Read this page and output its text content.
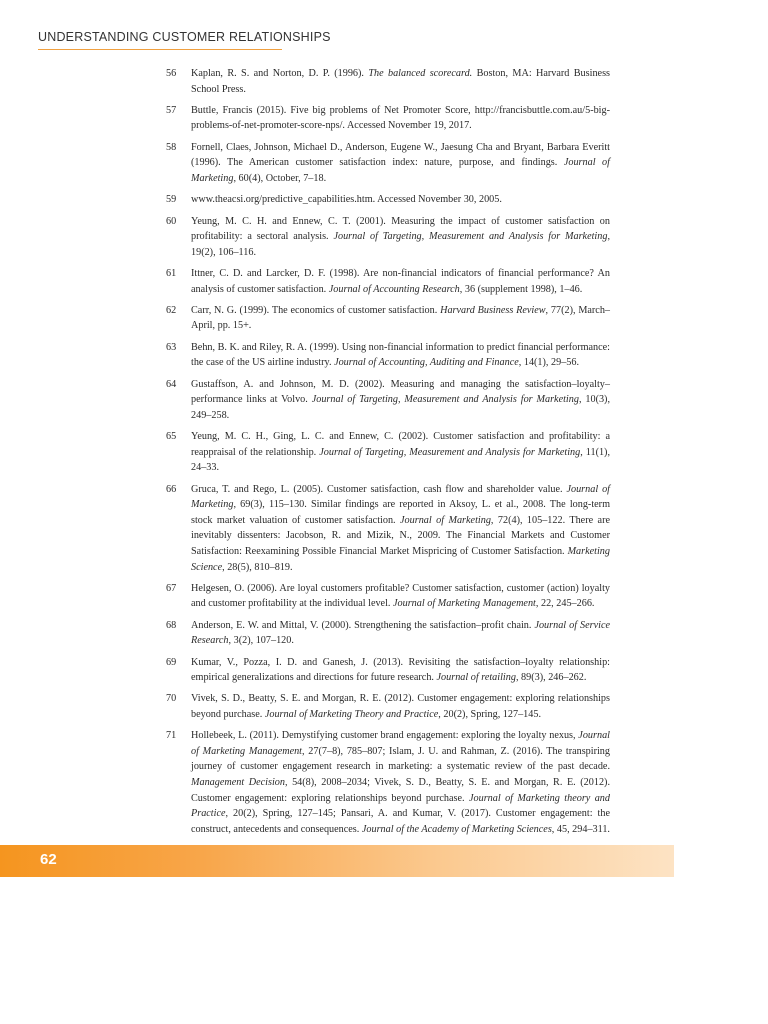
UNDERSTANDING CUSTOMER RELATIONSHIPS
56	Kaplan, R. S. and Norton, D. P. (1996). The balanced scorecard. Boston, MA: Harvard Business School Press.
57	Buttle, Francis (2015). Five big problems of Net Promoter Score, http://francisbuttle.com.au/5-big-problems-of-net-promoter-score-nps/. Accessed November 19, 2017.
58	Fornell, Claes, Johnson, Michael D., Anderson, Eugene W., Jaesung Cha and Bryant, Barbara Everitt (1996). The American customer satisfaction index: nature, purpose, and findings. Journal of Marketing, 60(4), October, 7–18.
59	www.theacsi.org/predictive_capabilities.htm. Accessed November 30, 2005.
60	Yeung, M. C. H. and Ennew, C. T. (2001). Measuring the impact of customer satisfaction on profitability: a sectoral analysis. Journal of Targeting, Measurement and Analysis for Marketing, 19(2), 106–116.
61	Ittner, C. D. and Larcker, D. F. (1998). Are non-financial indicators of financial performance? An analysis of customer satisfaction. Journal of Accounting Research, 36 (supplement 1998), 1–46.
62	Carr, N. G. (1999). The economics of customer satisfaction. Harvard Business Review, 77(2), March–April, pp. 15+.
63	Behn, B. K. and Riley, R. A. (1999). Using non-financial information to predict financial performance: the case of the US airline industry. Journal of Accounting, Auditing and Finance, 14(1), 29–56.
64	Gustaffson, A. and Johnson, M. D. (2002). Measuring and managing the satisfaction–loyalty–performance links at Volvo. Journal of Targeting, Measurement and Analysis for Marketing, 10(3), 249–258.
65	Yeung, M. C. H., Ging, L. C. and Ennew, C. (2002). Customer satisfaction and profitability: a reappraisal of the relationship. Journal of Targeting, Measurement and Analysis for Marketing, 11(1), 24–33.
66	Gruca, T. and Rego, L. (2005). Customer satisfaction, cash flow and shareholder value. Journal of Marketing, 69(3), 115–130. Similar findings are reported in Aksoy, L. et al., 2008. The long-term stock market valuation of customer satisfaction. Journal of Marketing, 72(4), 105–122. There are inevitably dissenters: Jacobson, R. and Mizik, N., 2009. The Financial Markets and Customer Satisfaction: Reexamining Possible Financial Market Mispricing of Customer Satisfaction. Marketing Science, 28(5), 810–819.
67	Helgesen, O. (2006). Are loyal customers profitable? Customer satisfaction, customer (action) loyalty and customer profitability at the individual level. Journal of Marketing Management, 22, 245–266.
68	Anderson, E. W. and Mittal, V. (2000). Strengthening the satisfaction–profit chain. Journal of Service Research, 3(2), 107–120.
69	Kumar, V., Pozza, I. D. and Ganesh, J. (2013). Revisiting the satisfaction–loyalty relationship: empirical generalizations and directions for future research. Journal of retailing, 89(3), 246–262.
70	Vivek, S. D., Beatty, S. E. and Morgan, R. E. (2012). Customer engagement: exploring relationships beyond purchase. Journal of Marketing Theory and Practice, 20(2), Spring, 127–145.
71	Hollebeek, L. (2011). Demystifying customer brand engagement: exploring the loyalty nexus, Journal of Marketing Management, 27(7–8), 785–807; Islam, J. U. and Rahman, Z. (2016). The transpiring journey of customer engagement research in marketing: a systematic review of the past decade. Management Decision, 54(8), 2008–2034; Vivek, S. D., Beatty, S. E. and Morgan, R. E. (2012). Customer engagement: exploring relationships beyond purchase. Journal of Marketing theory and Practice, 20(2), Spring, 127–145; Pansari, A. and Kumar, V. (2017). Customer engagement: the construct, antecedents and consequences. Journal of the Academy of Marketing Sciences, 45, 294–311.
62
